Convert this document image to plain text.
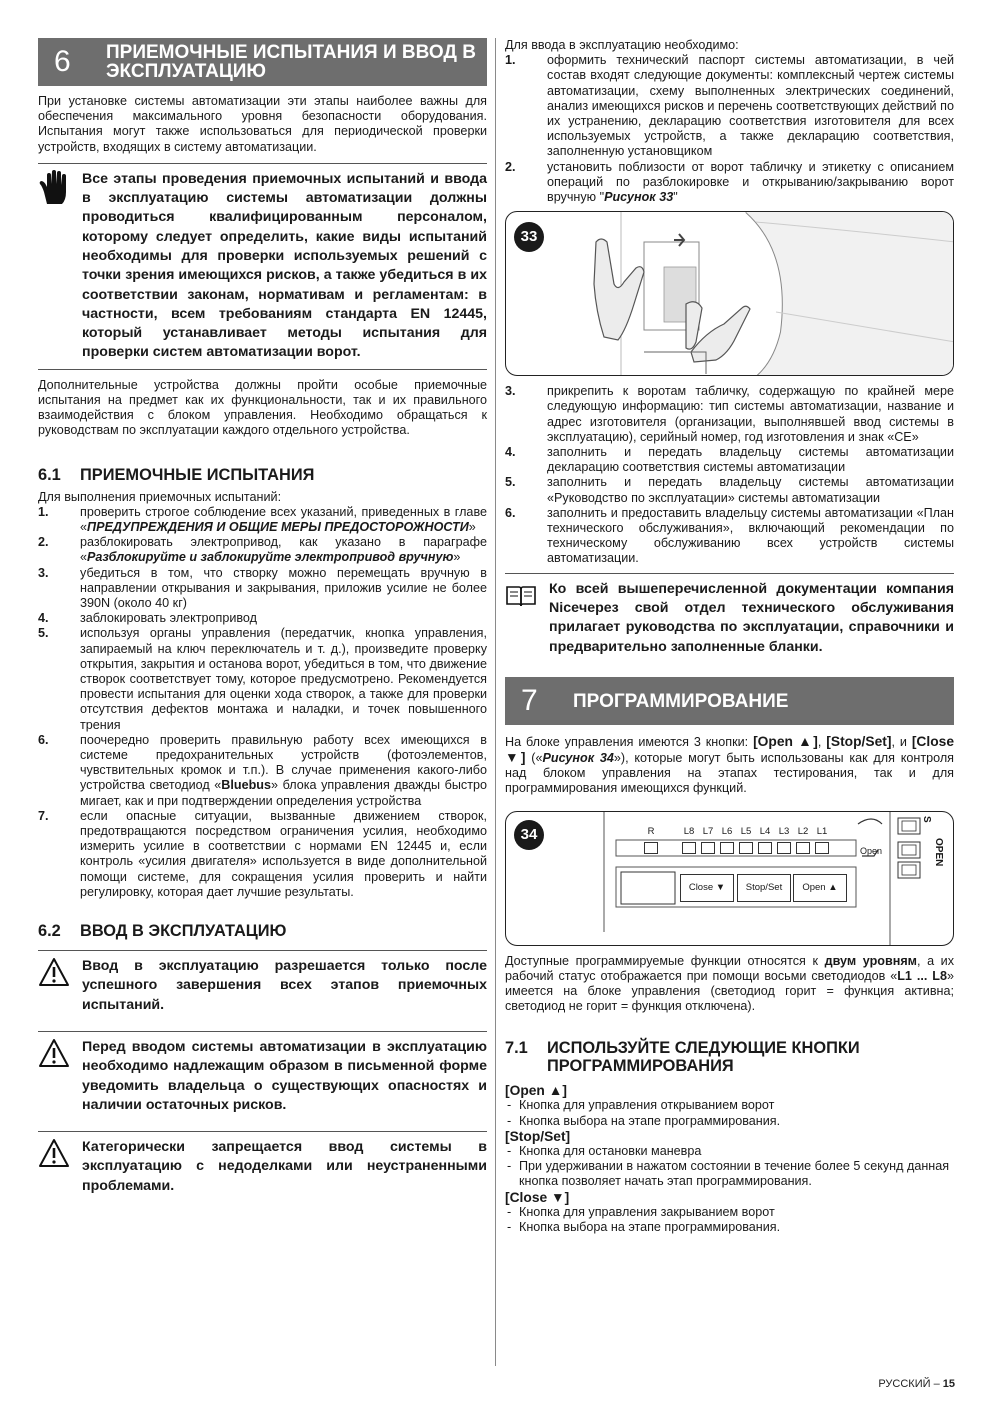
6 ПРИЕМОЧНЫЕ ИСПЫТАНИЯ И ВВОД В
ЭКСПЛУАТАЦИЮ

При установке системы автоматизации эти этапы наиболее важны для обеспечения максимального уровня безопасности оборудования. Испытания могут также использоваться для периодической проверки устройств, входящих в систему автоматизации.

Все этапы проведения приемочных испытаний и ввода в эксплуатацию системы автоматизации должны проводиться квалифицированным персоналом, которому следует определить, какие виды испытаний необходимы для проверки используемых решений с точки зрения имеющихся рисков, а также убедиться в их соответствии законам, нормативам и регламентам: в частности, всем требованиям стандарта EN 12445, который устанавливает методы испытания для проверки систем автоматизации ворот.

Дополнительные устройства должны пройти особые приемочные испытания на предмет как их функциональности, так и их правильного взаимодействия с блоком управления. Необходимо обращаться к руководствам по эксплуатации каждого отдельного устройства.

6.1 ПРИЕМОЧНЫЕ ИСПЫТАНИЯ

Для выполнения приемочных испытаний:

1. проверить строгое соблюдение всех указаний, приведенных в главе «ПРЕДУПРЕЖДЕНИЯ И ОБЩИЕ МЕРЫ ПРЕДОСТОРОЖНОСТИ»
2. разблокировать электропривод, как указано в параграфе «Разблокируйте и заблокируйте электропривод вручную»
3. убедиться в том, что створку можно перемещать вручную в направлении открывания и закрывания, приложив усилие не более 390N (около 40 кг)
4. заблокировать электропривод
5. используя органы управления (передатчик, кнопка управления, запираемый на ключ переключатель и т. д.), произведите проверку открытия, закрытия и останова ворот, убедиться в том, что движение створок соответствует тому, которое предусмотрено. Рекомендуется провести испытания для оценки хода створок, а также для проверки отсутствия дефектов монтажа и наладки, и точек повышенного трения
6. поочередно проверить правильную работу всех имеющихся в системе предохранительных устройств (фотоэлементов, чувствительных кромок и т.п.). В случае применения какого-либо устройства светодиод «Bluebus» блока управления дважды быстро мигает, как и при подтверждении определения устройства
7. если опасные ситуации, вызванные движением створок, предотвращаются посредством ограничения усилия, необходимо измерить усилие в соответствии с нормами EN 12445 и, если контроль «усилия двигателя» используется в виде дополнительной помощи системе, для сокращения усилия проверить и найти регулировку, которая дает лучшие результаты.
6.2 ВВОД В ЭКСПЛУАТАЦИЮ
Ввод в эксплуатацию разрешается только после успешного завершения всех этапов приемочных испытаний.
Перед вводом системы автоматизации в эксплуатацию необходимо надлежащим образом в письменной форме уведомить владельца о существующих опасностях и наличии остаточных рисков.
Категорически запрещается ввод системы в эксплуатацию с недоделками или неустраненными проблемами.

Для ввода в эксплуатацию необходимо:

1. оформить технический паспорт системы автоматизации, в чей состав входят следующие документы: комплексный чертеж системы автоматизации, схему выполненных электрических соединений, анализ имеющихся рисков и перечень соответствующих действий по их устранению, декларацию соответствия изготовителя для всех используемых устройств, а также декларацию соответствия, заполненную установщиком
2. установить поблизости от ворот табличку и этикетку с описанием операций по разблокировке и открыванию/закрыванию ворот вручную "Рисунок 33"
33
3. прикрепить к воротам табличку, содержащую по крайней мере следующую информацию: тип системы автоматизации, название и адрес изготовителя (организации, выполнявшей ввод системы в эксплуатацию), серийный номер, год изготовления и знак «CE»
4. заполнить и передать владельцу системы автоматизации декларацию соответствия системы автоматизации
5. заполнить и передать владельцу системы автоматизации «Руководство по эксплуатации» системы автоматизации
6. заполнить и предоставить владельцу системы автоматизации «План технического обслуживания», включающий рекомендации по техническому обслуживанию всех устройств системы автоматизации.
Ко всей вышеперечисленной документации компания Niceчерез свой отдел технического обслуживания прилагает руководства по эксплуатации, справочники и предварительно заполненные бланки.
7 ПРОГРАММИРОВАНИЕ

На блоке управления имеются 3 кнопки: [Open ▲], [Stop/Set], и [Close ▼] («Рисунок 34»), которые могут быть использованы как для контроля над блоком управления на этапах тестирования, так и для программирования имеющихся функций.

34	R	L8 L7 L6 L5 L4 L3 L2 L1
Close ▼	Stop/Set	Open ▲
Open
S
OPEN

Доступные программируемые функции относятся к двум уровням, а их рабочий статус отображается при помощи восьми светодиодов «L1 ... L8» имеется на блоке управления (светодиод горит = функция активна; светодиод не горит = функция отключена).

7.1 ИСПОЛЬЗУЙТЕ СЛЕДУЮЩИЕ КНОПКИ
ПРОГРАММИРОВАНИЯ
[Open ▲]
- Кнопка для управления открыванием ворот
- Кнопка выбора на этапе программирования.
[Stop/Set]
- Кнопка для остановки маневра
- При удерживании в нажатом состоянии в течение более 5 секунд данная кнопка позволяет начать этап программирования.
[Close ▼]
- Кнопка для управления закрыванием ворот
- Кнопка выбора на этапе программирования.
РУССКИЙ – 15
